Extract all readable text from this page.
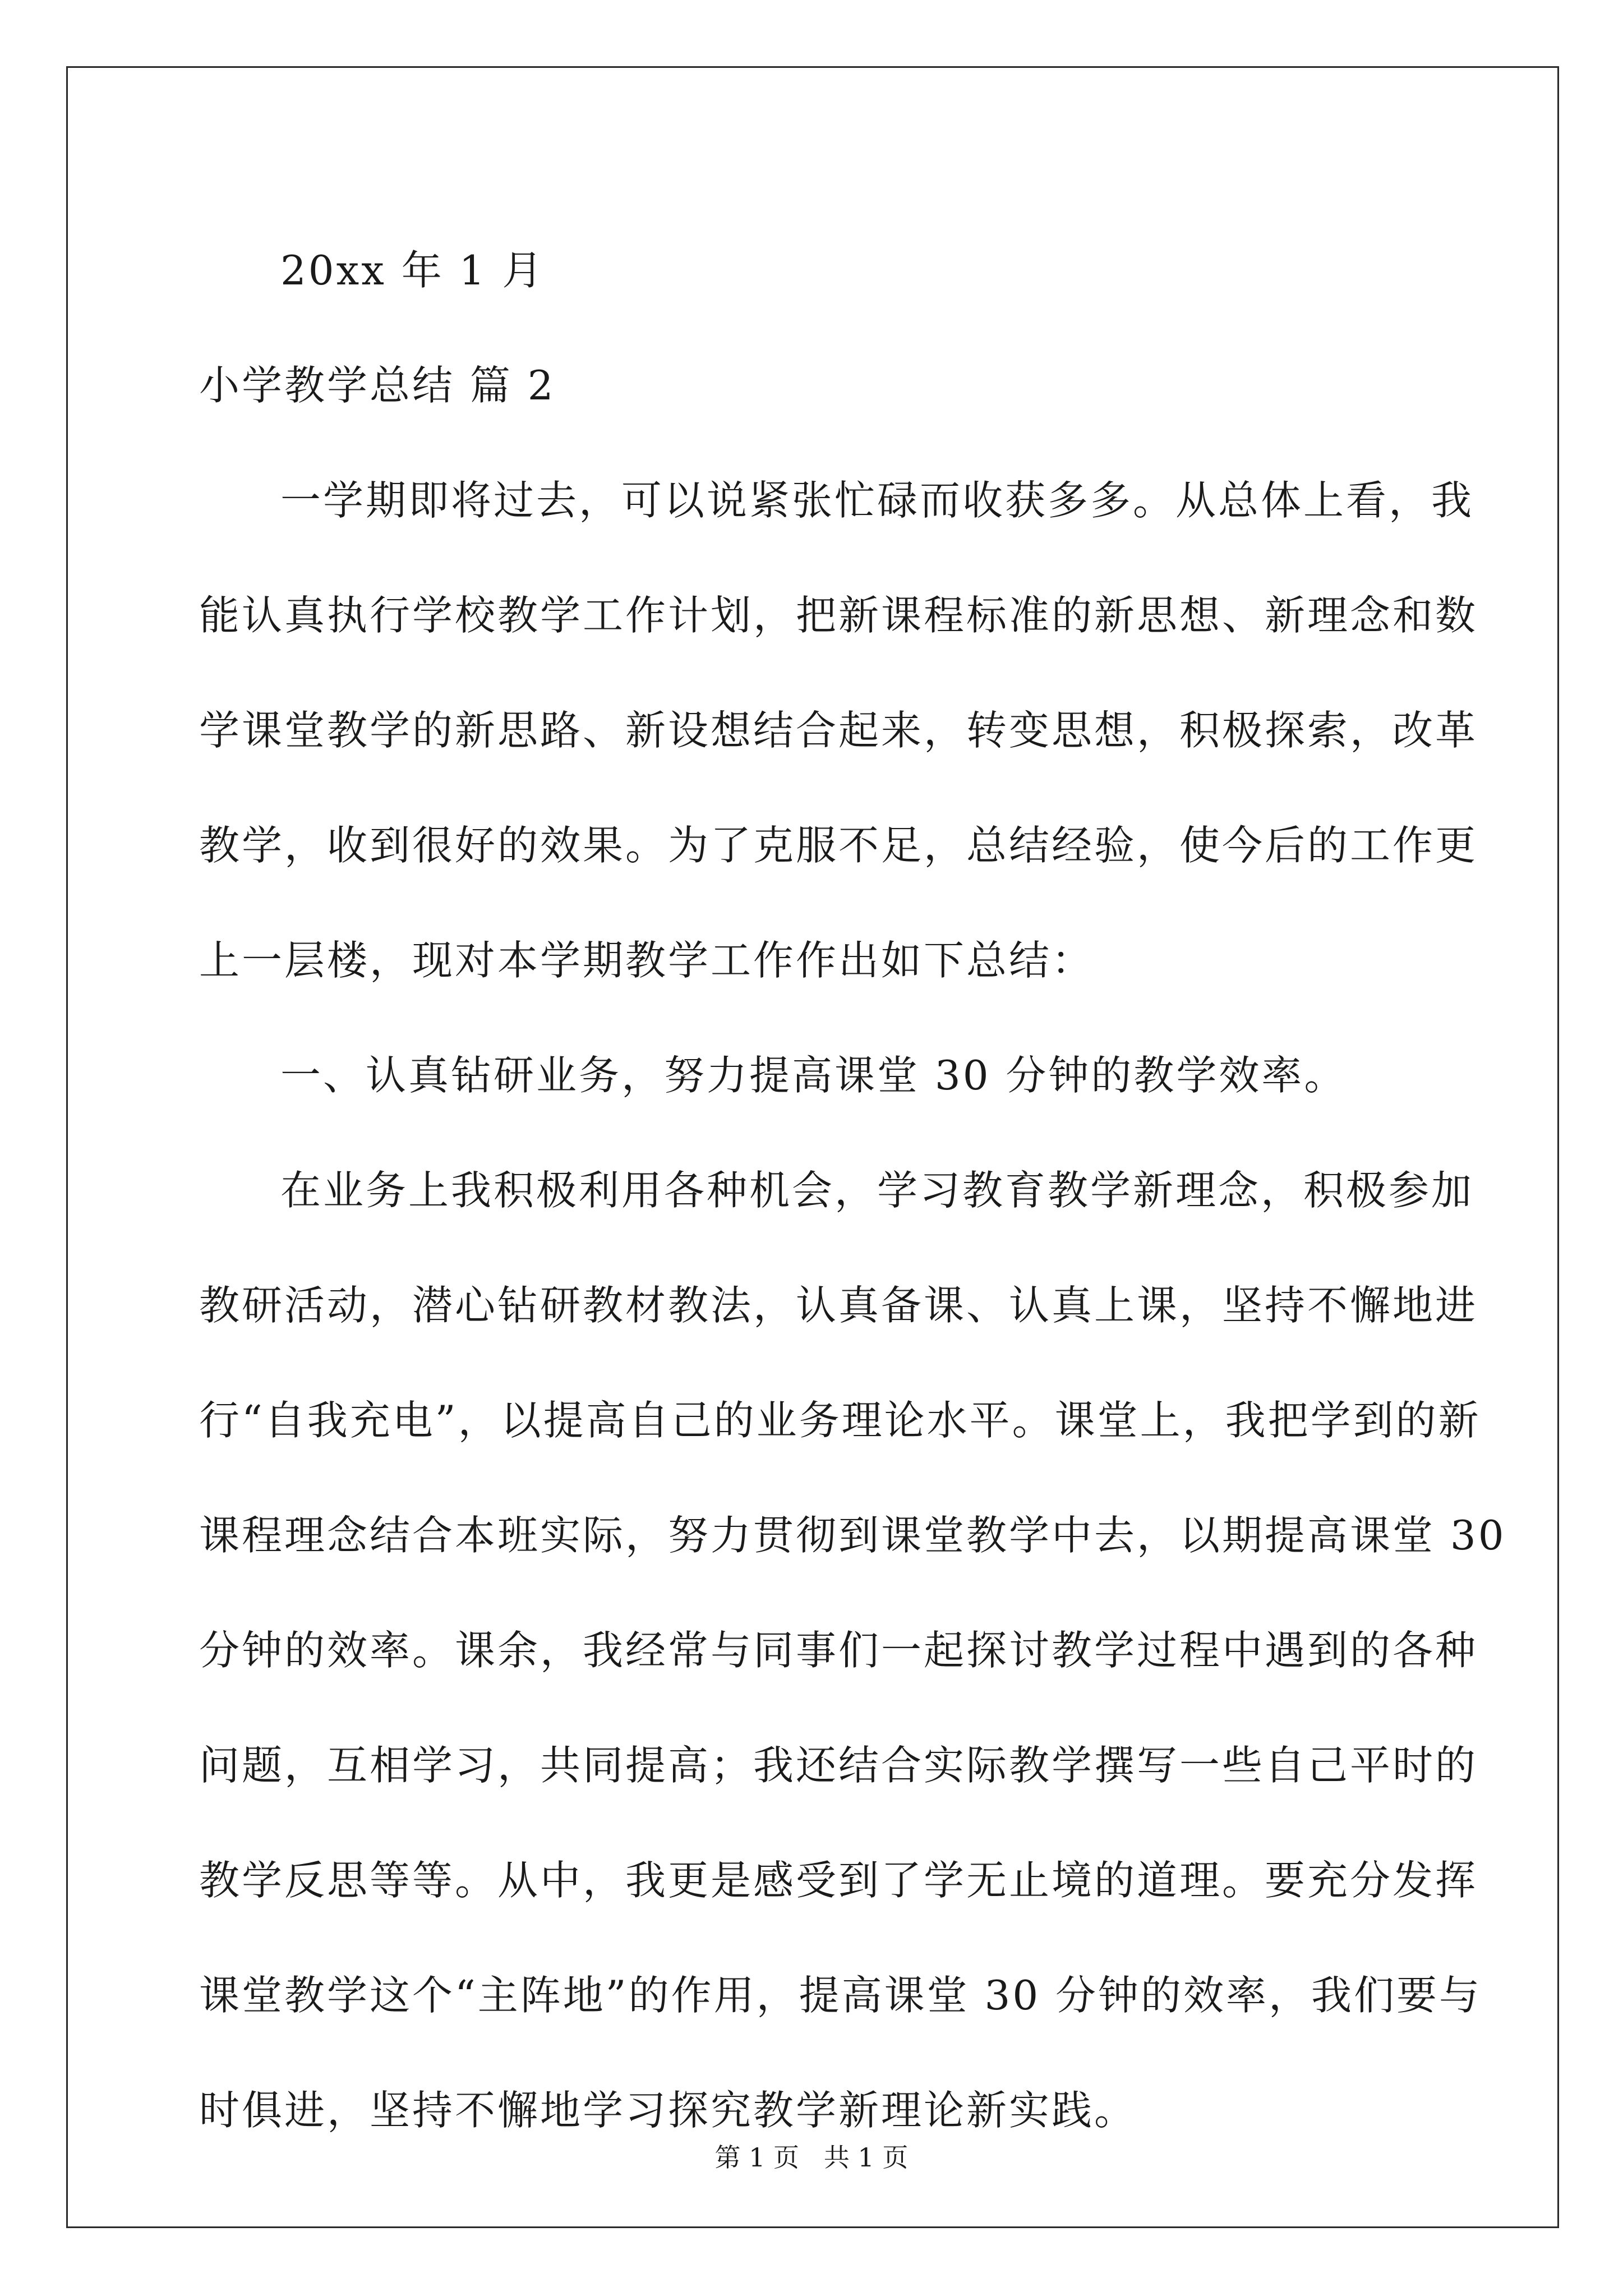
20xx 年 1 月
小学教学总结 篇 2
一学期即将过去，可以说紧张忙碌而收获多多。从总体上看，我
能认真执行学校教学工作计划，把新课程标准的新思想、新理念和数
学课堂教学的新思路、新设想结合起来，转变思想，积极探索，改革
教学，收到很好的效果。为了克服不足，总结经验，使今后的工作更
上一层楼，现对本学期教学工作作出如下总结：
一、认真钻研业务，努力提高课堂 30 分钟的教学效率。
在业务上我积极利用各种机会，学习教育教学新理念，积极参加
教研活动，潜心钻研教材教法，认真备课、认真上课，坚持不懈地进
行“自我充电”，以提高自己的业务理论水平。课堂上，我把学到的新
课程理念结合本班实际，努力贯彻到课堂教学中去，以期提高课堂 30
分钟的效率。课余，我经常与同事们一起探讨教学过程中遇到的各种
问题，互相学习，共同提高；我还结合实际教学撰写一些自己平时的
教学反思等等。从中，我更是感受到了学无止境的道理。要充分发挥
课堂教学这个“主阵地”的作用，提高课堂 30 分钟的效率，我们要与
时俱进，坚持不懈地学习探究教学新理论新实践。
第 1 页   共 1 页
